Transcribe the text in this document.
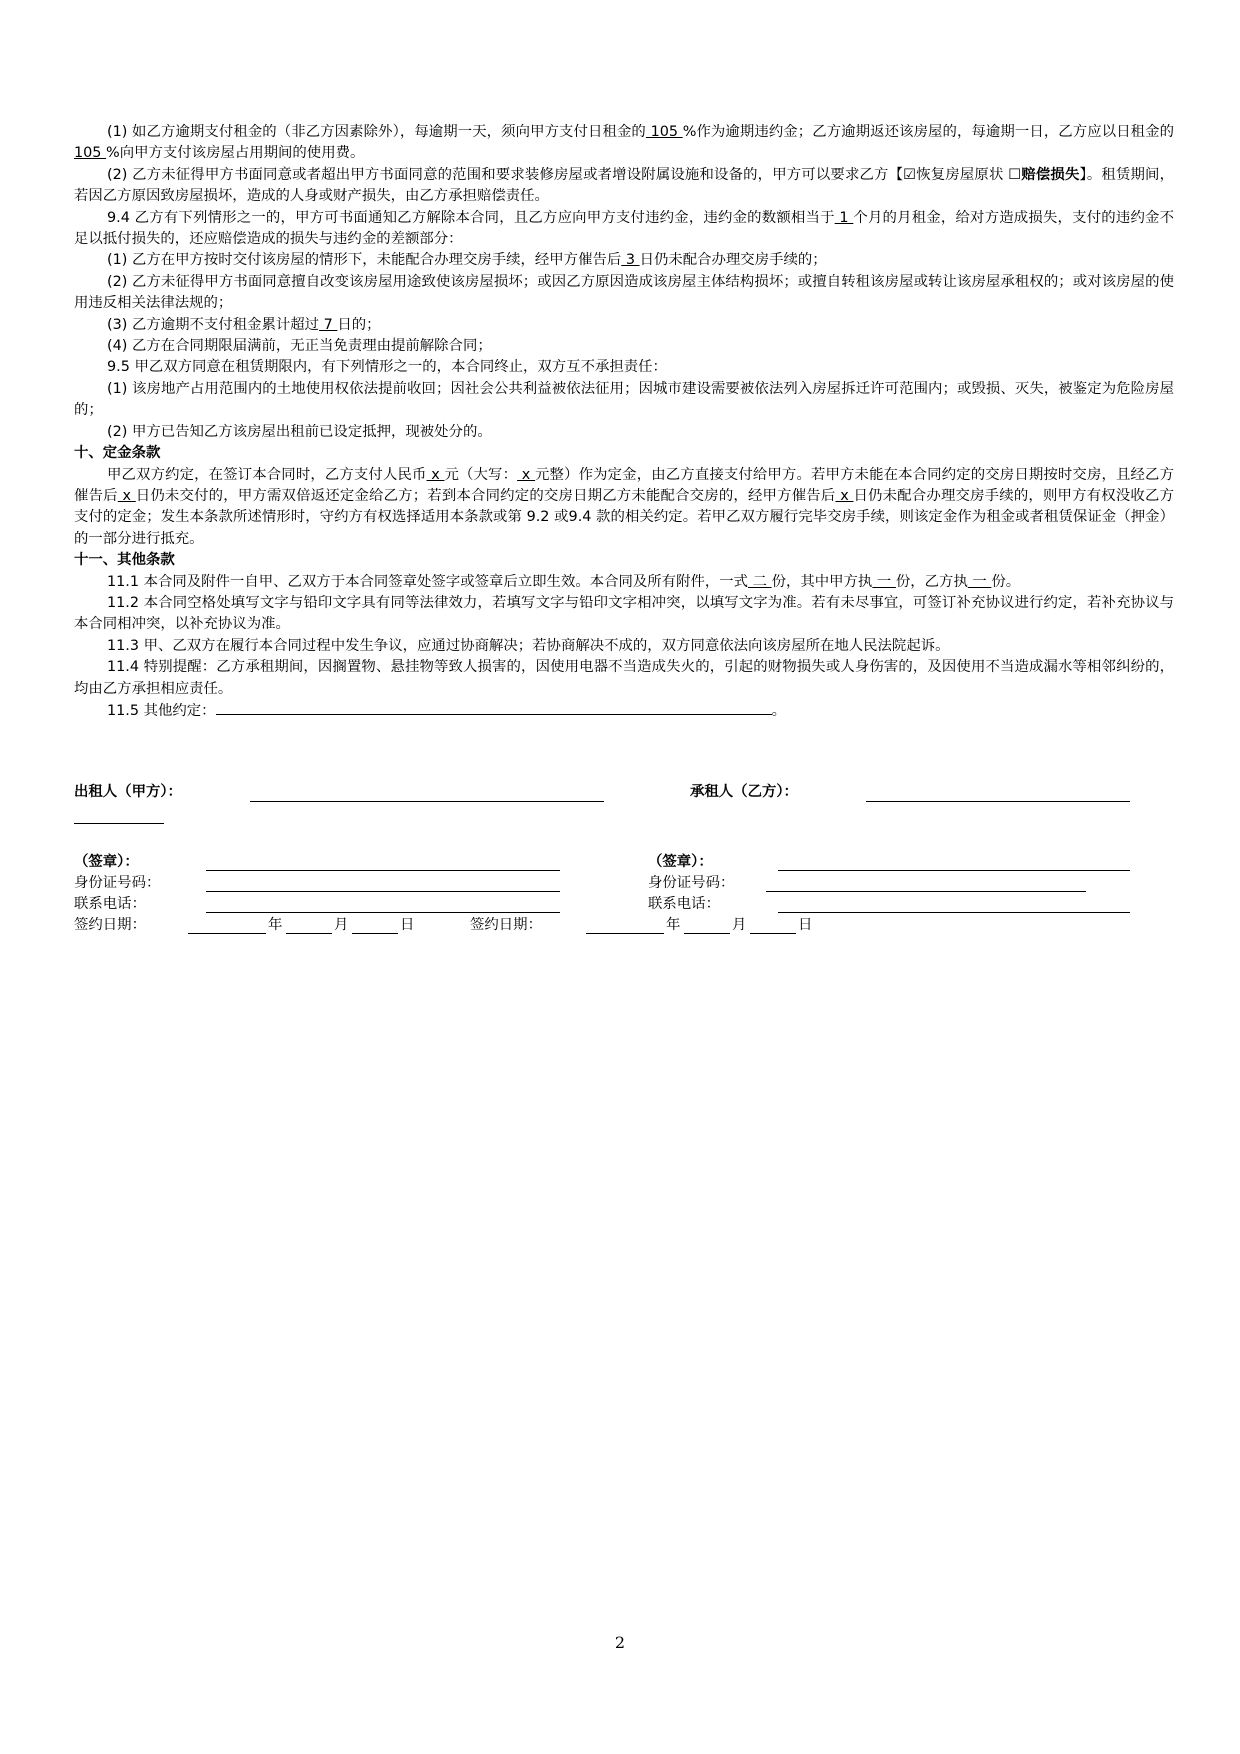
(1) 如乙方逾期支付租金的（非乙方因素除外），每逾期一天，须向甲方支付日租金的 105 %作为逾期违约金；乙方逾期返还该房屋的，每逾期一日，乙方应以日租金的 105 %向甲方支付该房屋占用期间的使用费。

(2) 乙方未征得甲方书面同意或者超出甲方书面同意的范围和要求装修房屋或者增设附属设施和设备的，甲方可以要求乙方【☑恢复房屋原状 ☐赔偿损失】。租赁期间，若因乙方原因致房屋损坏，造成的人身或财产损失，由乙方承担赔偿责任。

9.4 乙方有下列情形之一的，甲方可书面通知乙方解除本合同，且乙方应向甲方支付违约金，违约金的数额相当于 1 个月的月租金，给对方造成损失，支付的违约金不足以抵付损失的，还应赔偿造成的损失与违约金的差额部分：

(1) 乙方在甲方按时交付该房屋的情形下，未能配合办理交房手续，经甲方催告后 3 日仍未配合办理交房手续的；

(2) 乙方未征得甲方书面同意擅自改变该房屋用途致使该房屋损坏；或因乙方原因造成该房屋主体结构损坏；或擅自转租该房屋或转让该房屋承租权的；或对该房屋的使用违反相关法律法规的；

(3) 乙方逾期不支付租金累计超过 7 日的；

(4) 乙方在合同期限届满前，无正当免责理由提前解除合同；

9.5 甲乙双方同意在租赁期限内，有下列情形之一的，本合同终止，双方互不承担责任：

(1) 该房地产占用范围内的土地使用权依法提前收回；因社会公共利益被依法征用；因城市建设需要被依法列入房屋拆迁许可范围内；或毁损、灭失，被鉴定为危险房屋的；

(2) 甲方已告知乙方该房屋出租前已设定抵押，现被处分的。

十、定金条款

甲乙双方约定，在签订本合同时，乙方支付人民币 x 元（大写： x 元整）作为定金，由乙方直接支付给甲方。若甲方未能在本合同约定的交房日期按时交房，且经乙方催告后 x 日仍未交付的，甲方需双倍返还定金给乙方；若到本合同约定的交房日期乙方未能配合交房的，经甲方催告后 x 日仍未配合办理交房手续的，则甲方有权没收乙方支付的定金；发生本条款所述情形时，守约方有权选择适用本条款或第 9.2 或9.4 款的相关约定。若甲乙双方履行完毕交房手续，则该定金作为租金或者租赁保证金（押金）的一部分进行抵充。

十一、其他条款

11.1 本合同及附件一自甲、乙双方于本合同签章处签字或签章后立即生效。本合同及所有附件，一式 二 份，其中甲方执 一 份，乙方执 一 份。

11.2 本合同空格处填写文字与铅印文字具有同等法律效力，若填写文字与铅印文字相冲突，以填写文字为准。若有未尽事宜，可签订补充协议进行约定，若补充协议与本合同相冲突，以补充协议为准。

11.3 甲、乙双方在履行本合同过程中发生争议，应通过协商解决；若协商解决不成的，双方同意依法向该房屋所在地人民法院起诉。

11.4 特别提醒：乙方承租期间，因搁置物、悬挂物等致人损害的，因使用电器不当造成失火的，引起的财物损失或人身伤害的，及因使用不当造成漏水等相邻纠纷的，均由乙方承担相应责任。

11.5 其他约定：	。

出租人（甲方）：	承租人（乙方）：
（签章）：	（签章）：
身份证号码：	身份证号码：
联系电话：	联系电话：
签约日期：	年	月	日	签约日期：	年	月	日
2
